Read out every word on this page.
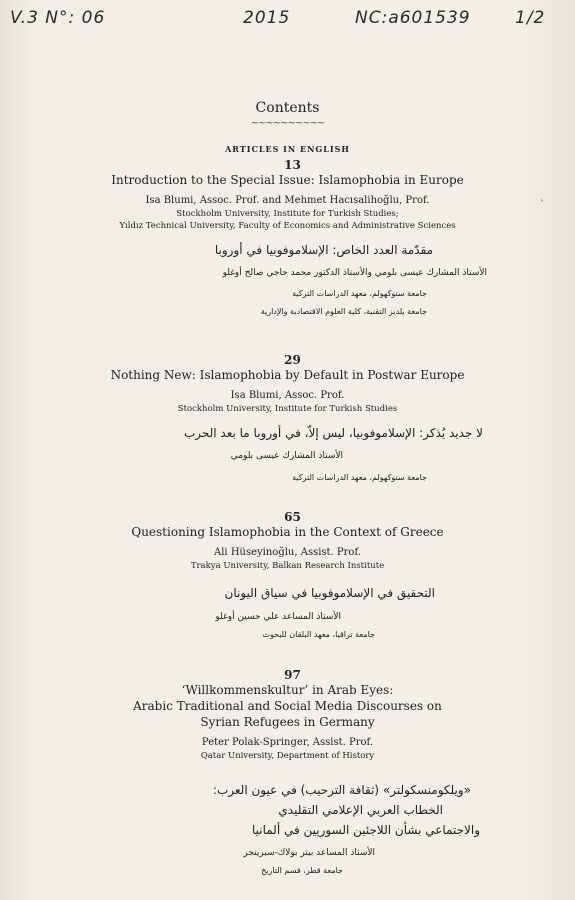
V.3 N°: 06	2015	NC:a601539	1/2
Contents
~~~~~~~~~~
ARTICLES IN ENGLISH
`
13
Introduction to the Special Issue: Islamophobia in Europe
Isa Blumi, Assoc. Prof. and Mehmet Hacısalihoğlu, Prof.
Stockholm University, Institute for Turkish Studies;
Yıldız Technical University, Faculty of Economics and Administrative Sciences
مقدّمة العدد الخاص: الإسلاموفوبيا في أوروبا
الأستاذ المشارك عيسى بلومي والأستاذ الدكتور محمد حاجي صالح أوغلو
جامعة ستوكهولم، معهد الدراسات التركية
جامعة يلديز التقنية، كلية العلوم الاقتصادية والإدارية
29
Nothing New: Islamophobia by Default in Postwar Europe
Isa Blumi, Assoc. Prof.
Stockholm University, Institute for Turkish Studies
لا جديد يُذكر: الإسلاموفوبيا، ليس إلاّ، في أوروبا ما بعد الحرب
الأستاذ المشارك عيسى بلومي
جامعة ستوكهولم، معهد الدراسات التركية
65
Questioning Islamophobia in the Context of Greece
Ali Hüseyinoğlu, Assist. Prof.
Trakya University, Balkan Research Institute
التحقيق في الإسلاموفوبيا في سياق اليونان
الأستاذ المساعد علي حسين أوغلو
جامعة تراقيا، معهد البلقان للبحوث
97
‘Willkommenskultur’ in Arab Eyes:
Arabic Traditional and Social Media Discourses on
Syrian Refugees in Germany
Peter Polak-Springer, Assist. Prof.
Qatar University, Department of History
«ويلكومنسكولتر» (ثقافة الترحيب) في عيون العرب:
الخطاب العربي الإعلامي التقليدي
والاجتماعي بشأن اللاجئين السوريين في ألمانيا
الأستاذ المساعد بيتر بولاك-سبرينجر
جامعة قطر، قسم التاريخ
